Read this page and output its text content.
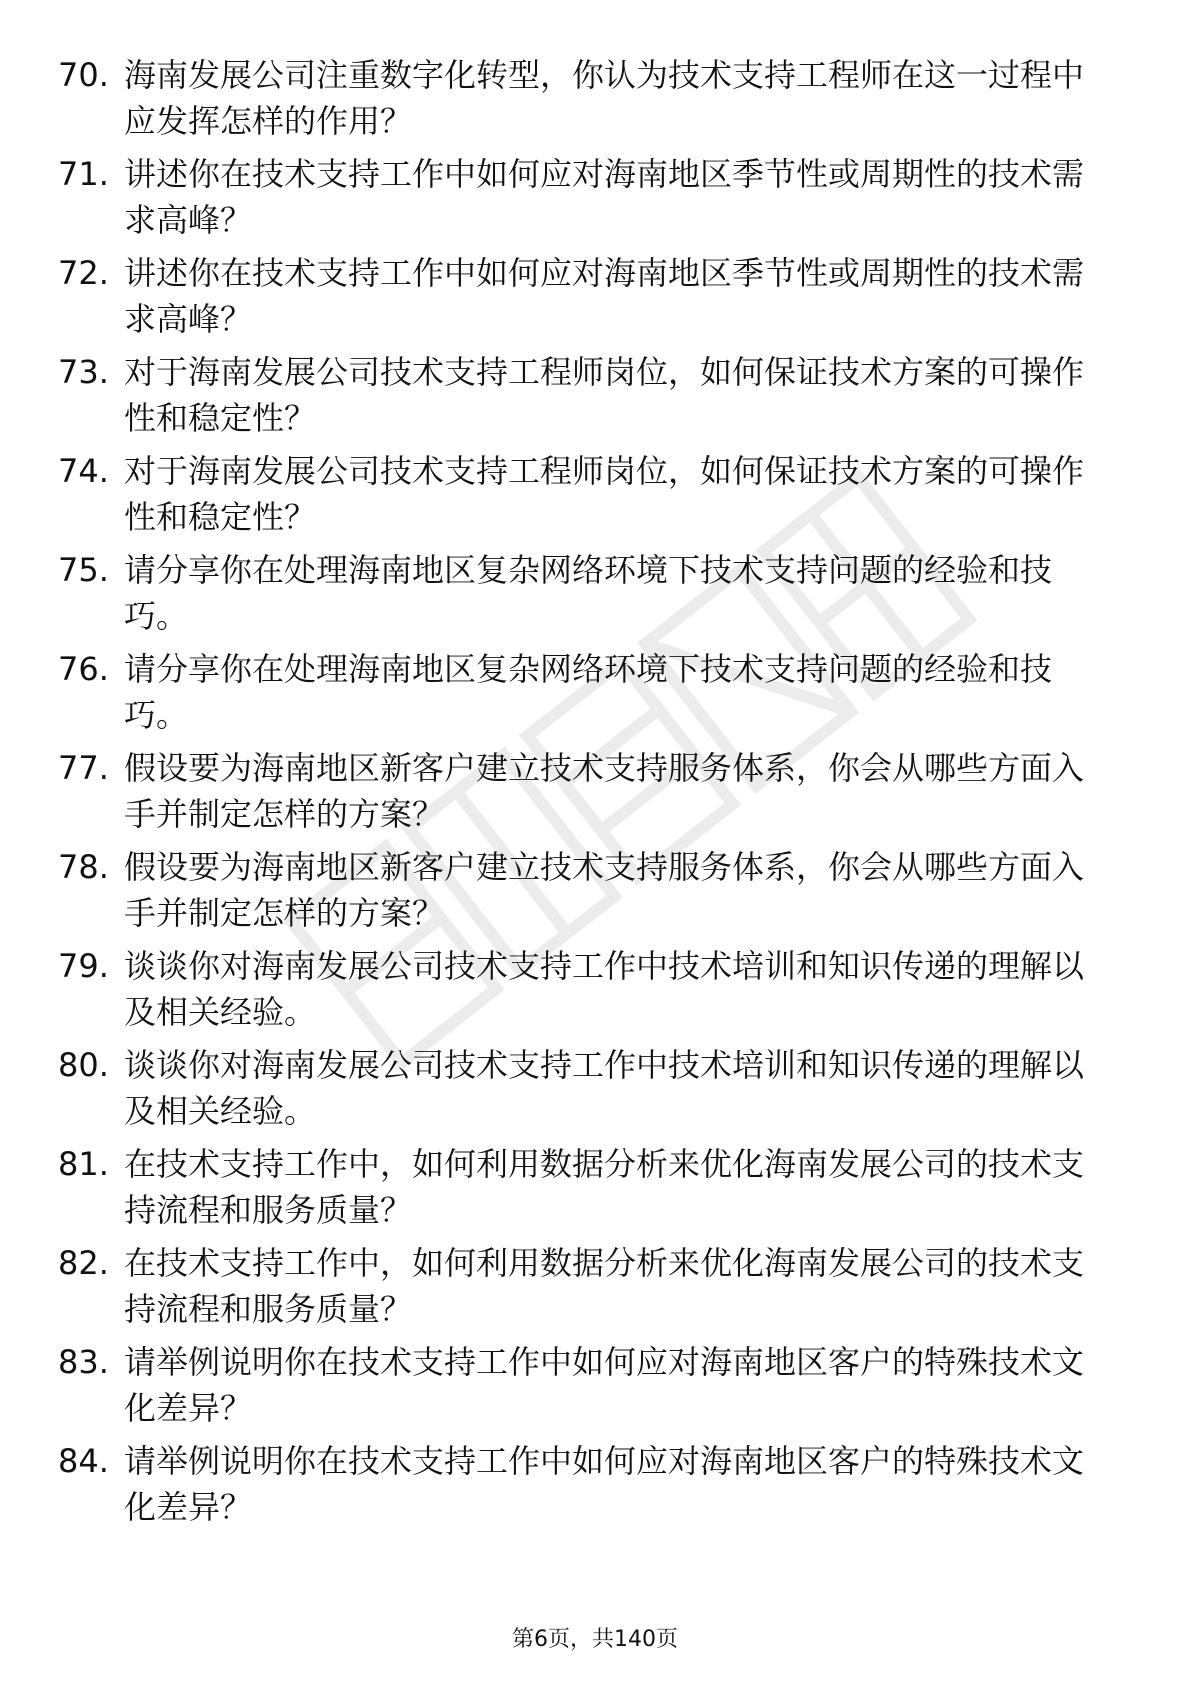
70. 海南发展公司注重数字化转型，你认为技术支持工程师在这一过程中应发挥怎样的作用？
71. 讲述你在技术支持工作中如何应对海南地区季节性或周期性的技术需求高峰？
72. 讲述你在技术支持工作中如何应对海南地区季节性或周期性的技术需求高峰？
73. 对于海南发展公司技术支持工程师岗位，如何保证技术方案的可操作性和稳定性？
74. 对于海南发展公司技术支持工程师岗位，如何保证技术方案的可操作性和稳定性？
75. 请分享你在处理海南地区复杂网络环境下技术支持问题的经验和技巧。
76. 请分享你在处理海南地区复杂网络环境下技术支持问题的经验和技巧。
77. 假设要为海南地区新客户建立技术支持服务体系，你会从哪些方面入手并制定怎样的方案？
78. 假设要为海南地区新客户建立技术支持服务体系，你会从哪些方面入手并制定怎样的方案？
79. 谈谈你对海南发展公司技术支持工作中技术培训和知识传递的理解以及相关经验。
80. 谈谈你对海南发展公司技术支持工作中技术培训和知识传递的理解以及相关经验。
81. 在技术支持工作中，如何利用数据分析来优化海南发展公司的技术支持流程和服务质量？
82. 在技术支持工作中，如何利用数据分析来优化海南发展公司的技术支持流程和服务质量？
83. 请举例说明你在技术支持工作中如何应对海南地区客户的特殊技术文化差异？
84. 请举例说明你在技术支持工作中如何应对海南地区客户的特殊技术文化差异？
第6页，共140页
